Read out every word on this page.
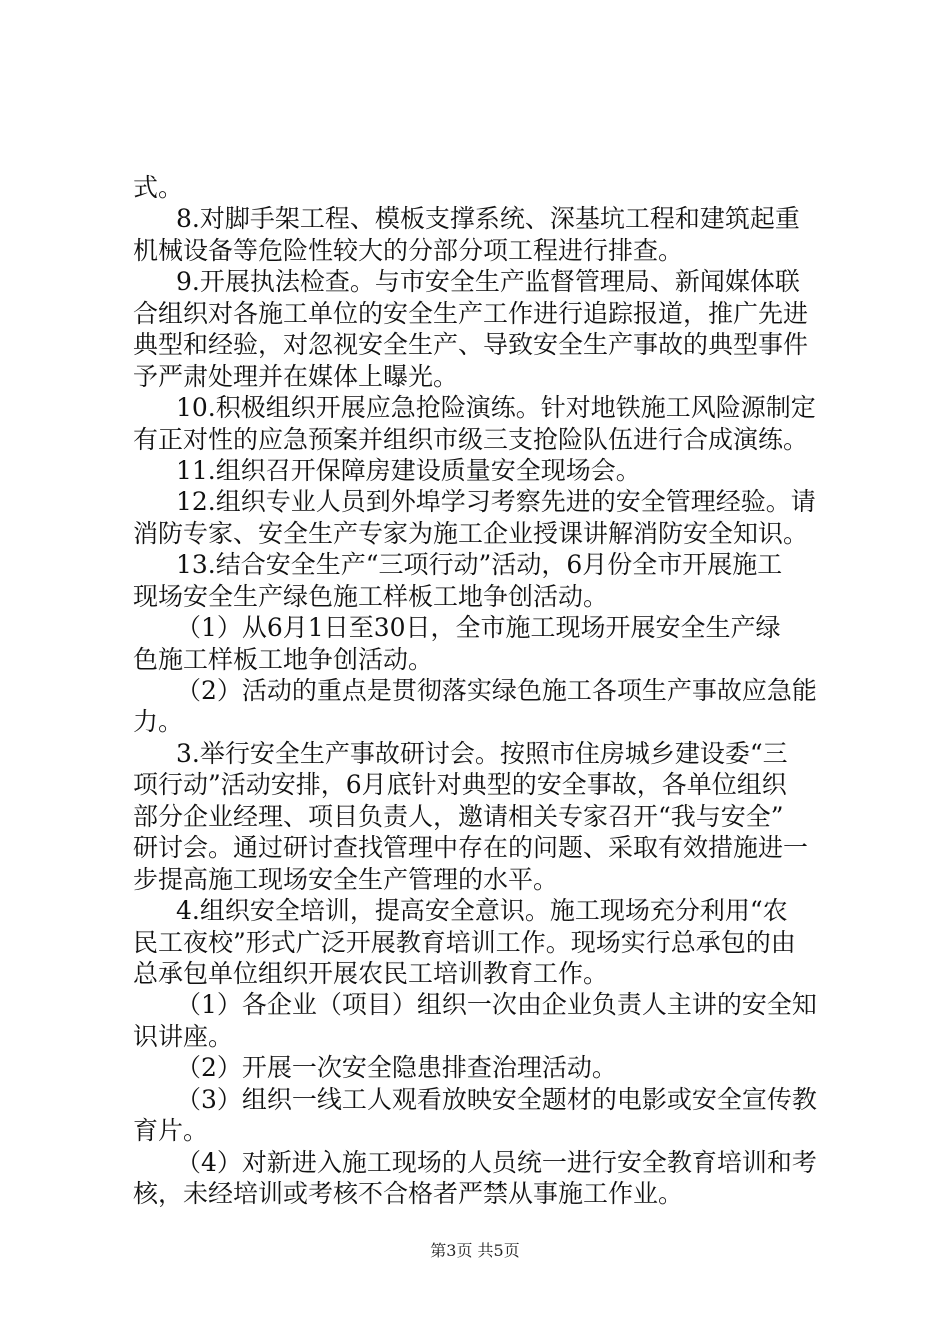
式。
8.对脚手架工程、模板支撑系统、深基坑工程和建筑起重
机械设备等危险性较大的分部分项工程进行排查。
9.开展执法检查。与市安全生产监督管理局、新闻媒体联
合组织对各施工单位的安全生产工作进行追踪报道，推广先进
典型和经验，对忽视安全生产、导致安全生产事故的典型事件
予严肃处理并在媒体上曝光。
10.积极组织开展应急抢险演练。针对地铁施工风险源制定
有正对性的应急预案并组织市级三支抢险队伍进行合成演练。
11.组织召开保障房建设质量安全现场会。
12.组织专业人员到外埠学习考察先进的安全管理经验。请
消防专家、安全生产专家为施工企业授课讲解消防安全知识。
13.结合安全生产“三项行动”活动，6月份全市开展施工
现场安全生产绿色施工样板工地争创活动。
（1）从6月1日至30日，全市施工现场开展安全生产绿
色施工样板工地争创活动。
（2）活动的重点是贯彻落实绿色施工各项生产事故应急能
力。
3.举行安全生产事故研讨会。按照市住房城乡建设委“三
项行动”活动安排，6月底针对典型的安全事故，各单位组织
部分企业经理、项目负责人，邀请相关专家召开“我与安全”
研讨会。通过研讨查找管理中存在的问题、采取有效措施进一
步提高施工现场安全生产管理的水平。
4.组织安全培训，提高安全意识。施工现场充分利用“农
民工夜校”形式广泛开展教育培训工作。现场实行总承包的由
总承包单位组织开展农民工培训教育工作。
（1）各企业（项目）组织一次由企业负责人主讲的安全知
识讲座。
（2）开展一次安全隐患排查治理活动。
（3）组织一线工人观看放映安全题材的电影或安全宣传教
育片。
（4）对新进入施工现场的人员统一进行安全教育培训和考
核，未经培训或考核不合格者严禁从事施工作业。
第3页 共5页
